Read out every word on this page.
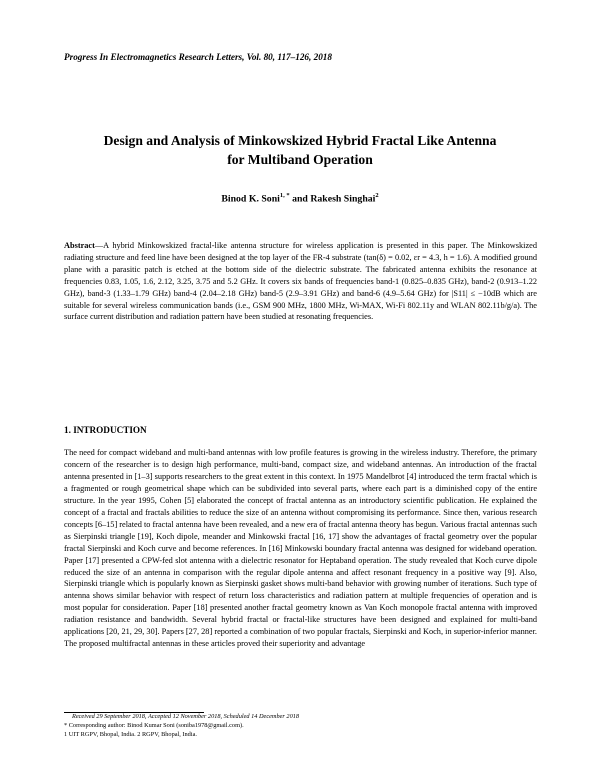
Progress In Electromagnetics Research Letters, Vol. 80, 117–126, 2018
Design and Analysis of Minkowskized Hybrid Fractal Like Antenna
for Multiband Operation
Binod K. Soni$^{1, *}$ and Rakesh Singhai$^2$
Abstract—A hybrid Minkowskized fractal-like antenna structure for wireless application is presented in this paper. The Minkowskized radiating structure and feed line have been designed at the top layer of the FR-4 substrate (tan(δ) = 0.02, εr = 4.3, h = 1.6). A modified ground plane with a parasitic patch is etched at the bottom side of the dielectric substrate. The fabricated antenna exhibits the resonance at frequencies 0.83, 1.05, 1.6, 2.12, 3.25, 3.75 and 5.2 GHz. It covers six bands of frequencies band-1 (0.825–0.835 GHz), band-2 (0.913–1.22 GHz), band-3 (1.33–1.79 GHz) band-4 (2.04–2.18 GHz) band-5 (2.9–3.91 GHz) and band-6 (4.9–5.64 GHz) for |S11| ≤ −10dB which are suitable for several wireless communication bands (i.e., GSM 900 MHz, 1800 MHz, Wi-MAX, Wi-Fi 802.11y and WLAN 802.11b/g/a). The surface current distribution and radiation pattern have been studied at resonating frequencies.
1. INTRODUCTION
The need for compact wideband and multi-band antennas with low profile features is growing in the wireless industry. Therefore, the primary concern of the researcher is to design high performance, multi-band, compact size, and wideband antennas. An introduction of the fractal antenna presented in [1–3] supports researchers to the great extent in this context. In 1975 Mandelbrot [4] introduced the term fractal which is a fragmented or rough geometrical shape which can be subdivided into several parts, where each part is a diminished copy of the entire structure. In the year 1995, Cohen [5] elaborated the concept of fractal antenna as an introductory scientific publication. He explained the concept of a fractal and fractals abilities to reduce the size of an antenna without compromising its performance. Since then, various research concepts [6–15] related to fractal antenna have been revealed, and a new era of fractal antenna theory has begun. Various fractal antennas such as Sierpinski triangle [19], Koch dipole, meander and Minkowski fractal [16, 17] show the advantages of fractal geometry over the popular fractal Sierpinski and Koch curve and become references. In [16] Minkowski boundary fractal antenna was designed for wideband operation. Paper [17] presented a CPW-fed slot antenna with a dielectric resonator for Heptaband operation. The study revealed that Koch curve dipole reduced the size of an antenna in comparison with the regular dipole antenna and affect resonant frequency in a positive way [9]. Also, Sierpinski triangle which is popularly known as Sierpinski gasket shows multi-band behavior with growing number of iterations. Such type of antenna shows similar behavior with respect of return loss characteristics and radiation pattern at multiple frequencies of operation and is most popular for consideration. Paper [18] presented another fractal geometry known as Van Koch monopole fractal antenna with improved radiation resistance and bandwidth. Several hybrid fractal or fractal-like structures have been designed and explained for multi-band applications [20, 21, 29, 30]. Papers [27, 28] reported a combination of two popular fractals, Sierpinski and Koch, in superior-inferior manner. The proposed multifractal antennas in these articles proved their superiority and advantage
Received 29 September 2018, Accepted 12 November 2018, Scheduled 14 December 2018
* Corresponding author: Binod Kumar Soni (soniba1978@gmail.com).
1 UIT RGPV, Bhopal, India. 2 RGPV, Bhopal, India.
